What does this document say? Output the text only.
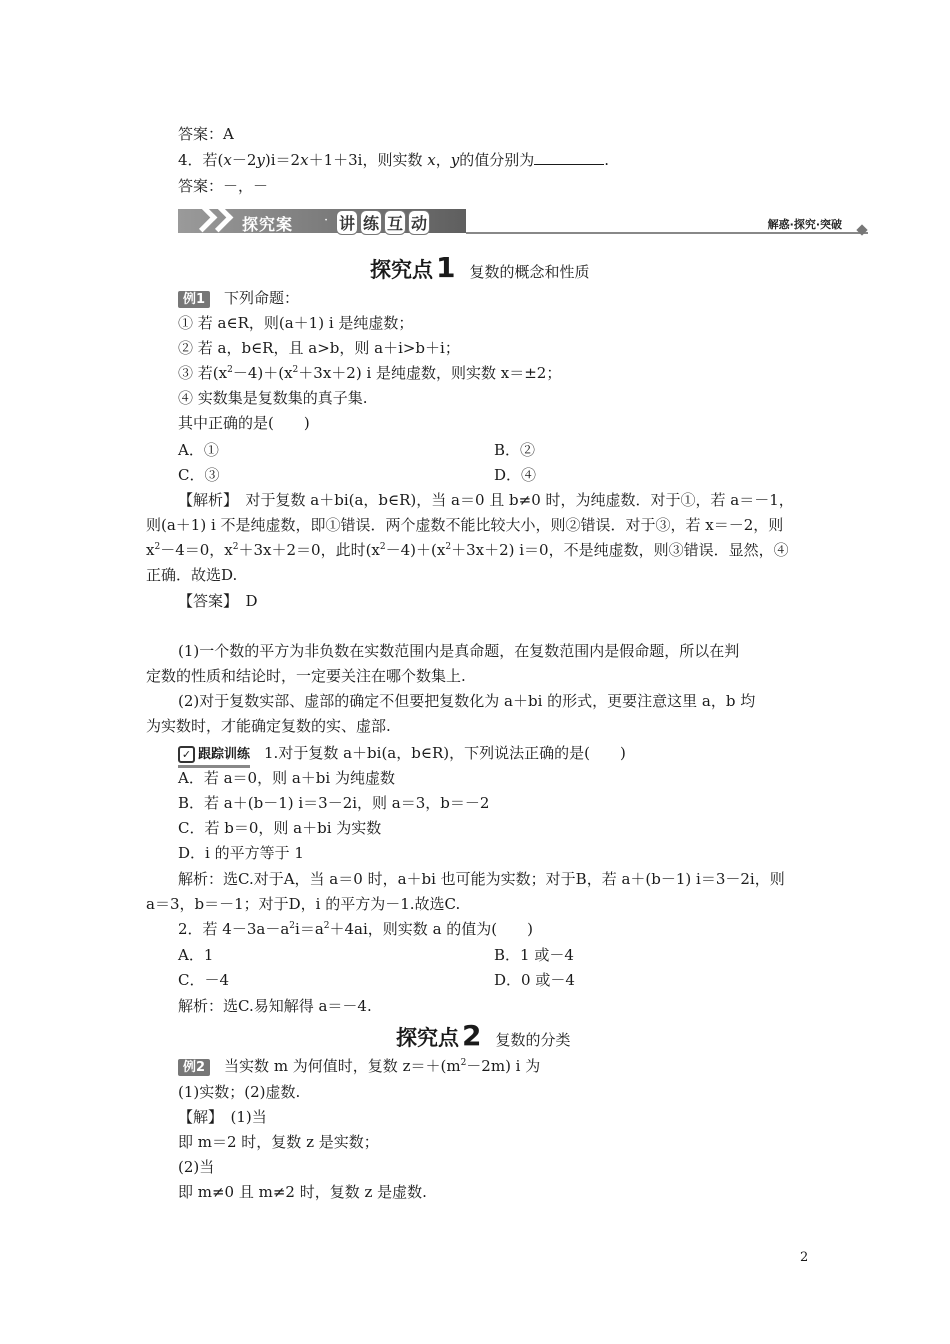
答案：A
4．若(x－2y)i＝2x＋1＋3i，则实数 x，y的值分别为	.
答案：－，－
探究案 · 讲 练 互 动	解惑·探究·突破
探究点 1 复数的概念和性质
例1 下列命题：
① 若 a∈R，则(a＋1) i 是纯虚数；
② 若 a，b∈R，且 a>b，则 a＋i>b＋i；
③ 若$(x^2-4)+(x^2+3x+2)$ i 是纯虚数，则实数 x＝±2；
④ 实数集是复数集的真子集.
其中正确的是(　　)
A．①	B．②
C．③	D．④
【解析】　对于复数 a＋bi(a，b∈R)，当 a＝0 且 b≠0 时，为纯虚数．对于①，若 a＝－1，
则(a＋1) i 不是纯虚数，即①错误．两个虚数不能比较大小，则②错误．对于③，若 x＝－2，则
$x^2-4=0$，$x^2+3x+2=0$，此时$(x^2-4)+(x^2+3x+2)$ i＝0，不是纯虚数，则③错误．显然，④
正确．故选D.
【答案】　D
(1)一个数的平方为非负数在实数范围内是真命题，在复数范围内是假命题，所以在判
定数的性质和结论时，一定要关注在哪个数集上.
(2)对于复数实部、虚部的确定不但要把复数化为 a＋bi 的形式，更要注意这里 a，b 均
为实数时，才能确定复数的实、虚部.
✓ 跟踪训练 1.对于复数 a＋bi(a，b∈R)，下列说法正确的是(　　)
A．若 a＝0，则 a＋bi 为纯虚数
B．若 a＋(b－1) i＝3－2i，则 a＝3，b＝－2
C．若 b＝0，则 a＋bi 为实数
D．i 的平方等于 1
解析：选C.对于A，当 a＝0 时，a＋bi 也可能为实数；对于B，若 a＋(b－1) i＝3－2i，则
a＝3，b＝－1；对于D，i 的平方为－1.故选C.
2．若 $4-3a-a^2i=a^2+4ai$，则实数 a 的值为(　　)
A．1	B．1 或－4
C．－4	D．0 或－4
解析：选C.易知解得 a＝－4.
探究点 2 复数的分类
例2 当实数 m 为何值时，复数 $z=+(m^2-2m)$ i 为
(1)实数；(2)虚数.
【解】　(1)当
即 m＝2 时，复数 z 是实数；
(2)当
即 m≠0 且 m≠2 时，复数 z 是虚数.
2
